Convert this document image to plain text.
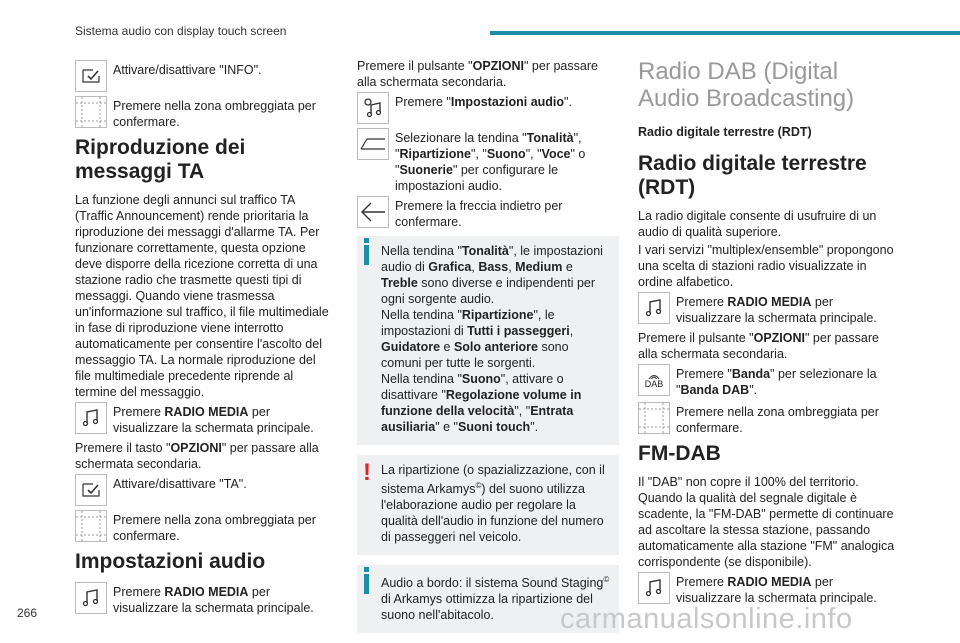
Sistema audio con display touch screen
Attivare/disattivare "INFO".
Premere nella zona ombreggiata per confermare.
Riproduzione dei messaggi TA

La funzione degli annunci sul traffico TA (Traffic Announcement) rende prioritaria la riproduzione dei messaggi d'allarme TA. Per funzionare correttamente, questa opzione deve disporre della ricezione corretta di una stazione radio che trasmette questi tipi di messaggi. Quando viene trasmessa un'informazione sul traffico, il file multimediale in fase di riproduzione viene interrotto automaticamente per consentire l'ascolto del messaggio TA. La normale riproduzione del file multimediale precedente riprende al termine del messaggio.

Premere RADIO MEDIA per visualizzare la schermata principale.

Premere il tasto "OPZIONI" per passare alla schermata secondaria.

Attivare/disattivare "TA".
Premere nella zona ombreggiata per confermare.
Impostazioni audio
Premere RADIO MEDIA per visualizzare la schermata principale.

Premere il pulsante "OPZIONI" per passare alla schermata secondaria.

Premere "Impostazioni audio".
Selezionare la tendina "Tonalità", "Ripartizione", "Suono", "Voce" o "Suonerie" per configurare le impostazioni audio.
Premere la freccia indietro per confermare.
Nella tendina "Tonalità", le impostazioni audio di Grafica, Bass, Medium e Treble sono diverse e indipendenti per ogni sorgente audio.
Nella tendina "Ripartizione", le impostazioni di Tutti i passeggeri, Guidatore e Solo anteriore sono comuni per tutte le sorgenti.
Nella tendina "Suono", attivare o disattivare "Regolazione volume in funzione della velocità", "Entrata ausiliaria" e "Suoni touch".
! La ripartizione (o spazializzazione, con il sistema Arkamys©) del suono utilizza l'elaborazione audio per regolare la qualità dell'audio in funzione del numero di passeggeri nel veicolo.
Audio a bordo: il sistema Sound Staging© di Arkamys ottimizza la ripartizione del suono nell'abitacolo.
Radio DAB (Digital Audio Broadcasting)

Radio digitale terrestre (RDT)

Radio digitale terrestre (RDT)

La radio digitale consente di usufruire di un audio di qualità superiore.

I vari servizi "multiplex/ensemble" propongono una scelta di stazioni radio visualizzate in ordine alfabetico.

Premere RADIO MEDIA per visualizzare la schermata principale.

Premere il pulsante "OPZIONI" per passare alla schermata secondaria.

DAB
Premere "Banda" per selezionare la "Banda DAB".
Premere nella zona ombreggiata per confermare.
FM-DAB

Il "DAB" non copre il 100% del territorio. Quando la qualità del segnale digitale è scadente, la "FM-DAB" permette di continuare ad ascoltare la stessa stazione, passando automaticamente alla stazione "FM" analogica corrispondente (se disponibile).

Premere RADIO MEDIA per visualizzare la schermata principale.
266	carmanualsonline.info
